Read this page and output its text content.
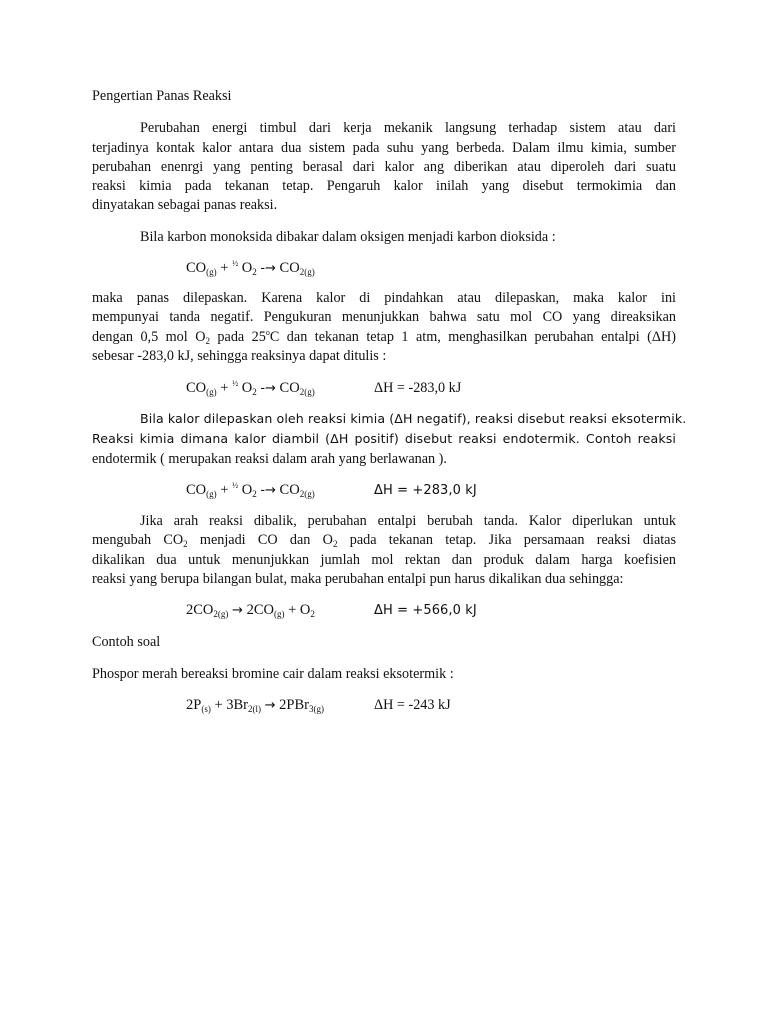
Pengertian Panas Reaksi
Perubahan energi timbul dari kerja mekanik langsung terhadap sistem atau dari
terjadinya kontak kalor antara dua sistem pada suhu yang berbeda. Dalam ilmu kimia, sumber
perubahan enenrgi yang penting berasal dari kalor ang diberikan atau diperoleh dari suatu
reaksi kimia pada tekanan tetap. Pengaruh kalor inilah yang disebut termokimia dan
dinyatakan sebagai panas reaksi.
Bila karbon monoksida dibakar dalam oksigen menjadi karbon dioksida :
$CO_{(g)} + ^{\frac{1}{2}}$ $O_2 -\to CO_{2(g)}$
maka panas dilepaskan. Karena kalor di pindahkan atau dilepaskan, maka kalor ini
mempunyai tanda negatif. Pengukuran menunjukkan bahwa satu mol CO yang direaksikan
dengan 0,5 mol $O_2$ pada 25$^o$C dan tekanan tetap 1 atm, menghasilkan perubahan entalpi (ΔH)
sebesar -283,0 kJ, sehingga reaksinya dapat ditulis :
$CO_{(g)} + ^{\frac{1}{2}}$ $O_2 -\to CO_{2(g)}$	ΔH = -283,0 kJ
Bila kalor dilepaskan oleh reaksi kimia (ΔH negatif), reaksi disebut reaksi eksotermik.
Reaksi kimia dimana kalor diambil (ΔH positif) disebut reaksi endotermik. Contoh reaksi
endotermik ( merupakan reaksi dalam arah yang berlawanan ).
$CO_{(g)} + ^{\frac{1}{2}}$ $O_2 -\to CO_{2(g)}$	ΔH = +283,0 kJ
Jika arah reaksi dibalik, perubahan entalpi berubah tanda. Kalor diperlukan untuk
mengubah $CO_2$ menjadi CO dan $O_2$ pada tekanan tetap. Jika persamaan reaksi diatas
dikalikan dua untuk menunjukkan jumlah mol rektan dan produk dalam harga koefisien
reaksi yang berupa bilangan bulat, maka perubahan entalpi pun harus dikalikan dua sehingga:
$2CO_{2(g)} \to 2CO_{(g)} + O_2$	ΔH = +566,0 kJ
Contoh soal
Phospor merah bereaksi bromine cair dalam reaksi eksotermik :
$2P_{(s)} + 3Br_{2(l)} \to 2PBr_{3(g)}$	ΔH = -243 kJ
